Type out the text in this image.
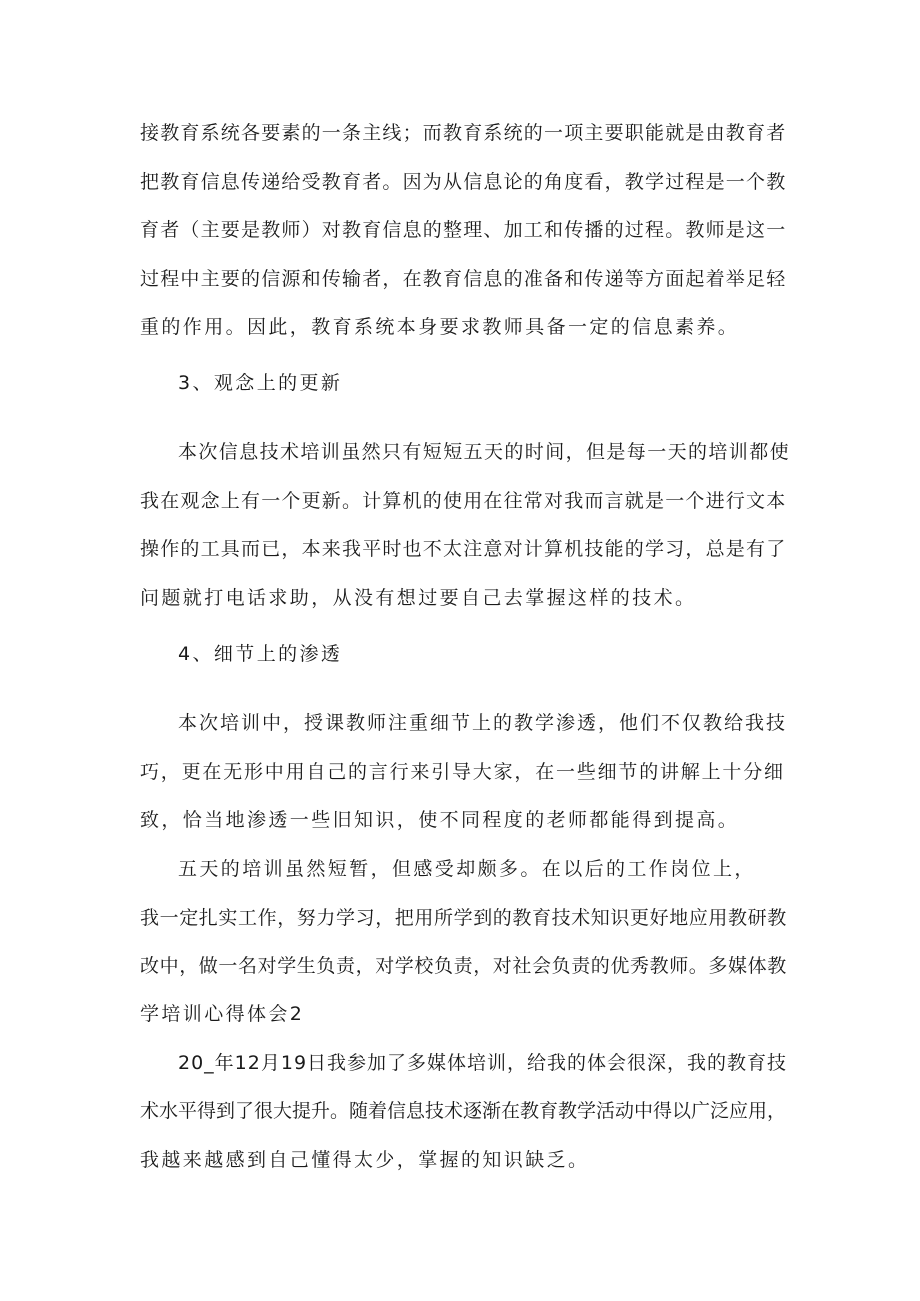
接教育系统各要素的一条主线；而教育系统的一项主要职能就是由教育者
把教育信息传递给受教育者。因为从信息论的角度看，教学过程是一个教
育者（主要是教师）对教育信息的整理、加工和传播的过程。教师是这一
过程中主要的信源和传输者，在教育信息的准备和传递等方面起着举足轻
重的作用。因此，教育系统本身要求教师具备一定的信息素养。
3、观念上的更新
本次信息技术培训虽然只有短短五天的时间，但是每一天的培训都使
我在观念上有一个更新。计算机的使用在往常对我而言就是一个进行文本
操作的工具而已，本来我平时也不太注意对计算机技能的学习，总是有了
问题就打电话求助，从没有想过要自己去掌握这样的技术。
4、细节上的渗透
本次培训中，授课教师注重细节上的教学渗透，他们不仅教给我技
巧，更在无形中用自己的言行来引导大家，在一些细节的讲解上十分细
致，恰当地渗透一些旧知识，使不同程度的老师都能得到提高。
五天的培训虽然短暂，但感受却颇多。在以后的工作岗位上，
我一定扎实工作，努力学习，把用所学到的教育技术知识更好地应用教研教
改中，做一名对学生负责，对学校负责，对社会负责的优秀教师。多媒体教
学培训心得体会2
20_年12月19日我参加了多媒体培训，给我的体会很深，我的教育技
术水平得到了很大提升。随着信息技术逐渐在教育教学活动中得以广泛应用，
我越来越感到自己懂得太少，掌握的知识缺乏。
